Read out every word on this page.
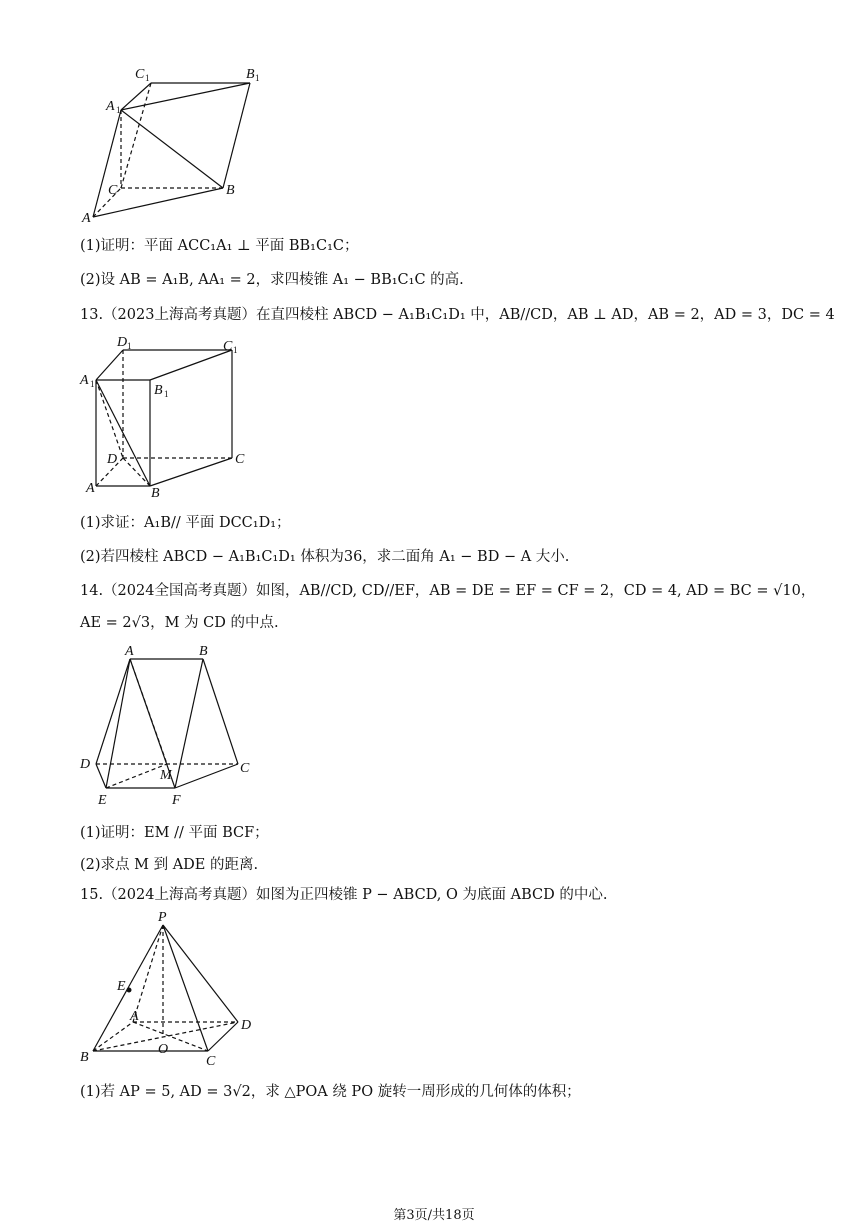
A
B
C
A 1
C 1	B 1
(1)证明：平面 ACC₁A₁ ⊥ 平面 BB₁C₁C；
(2)设 AB = A₁B, AA₁ = 2，求四棱锥 A₁ − BB₁C₁C 的高.
13.（2023上海高考真题）在直四棱柱 ABCD − A₁B₁C₁D₁ 中，AB//CD，AB ⊥ AD，AB = 2，AD = 3，DC = 4
A	B
C
D
A 1	B 1
D 1	C 1
(1)求证：A₁B// 平面 DCC₁D₁；
(2)若四棱柱 ABCD − A₁B₁C₁D₁ 体积为36，求二面角 A₁ − BD − A 大小.
14.（2024全国高考真题）如图，AB//CD, CD//EF，AB = DE = EF = CF = 2，CD = 4, AD = BC = √10，
AE = 2√3，M 为 CD 的中点.
A	B
C
D
E	F
M
(1)证明：EM // 平面 BCF；
(2)求点 M 到 ADE 的距离.
15.（2024上海高考真题）如图为正四棱锥 P − ABCD, O 为底面 ABCD 的中心.
P
E
A
B	C
D
O
(1)若 AP = 5, AD = 3√2，求 △POA 绕 PO 旋转一周形成的几何体的体积；
第3页/共18页
